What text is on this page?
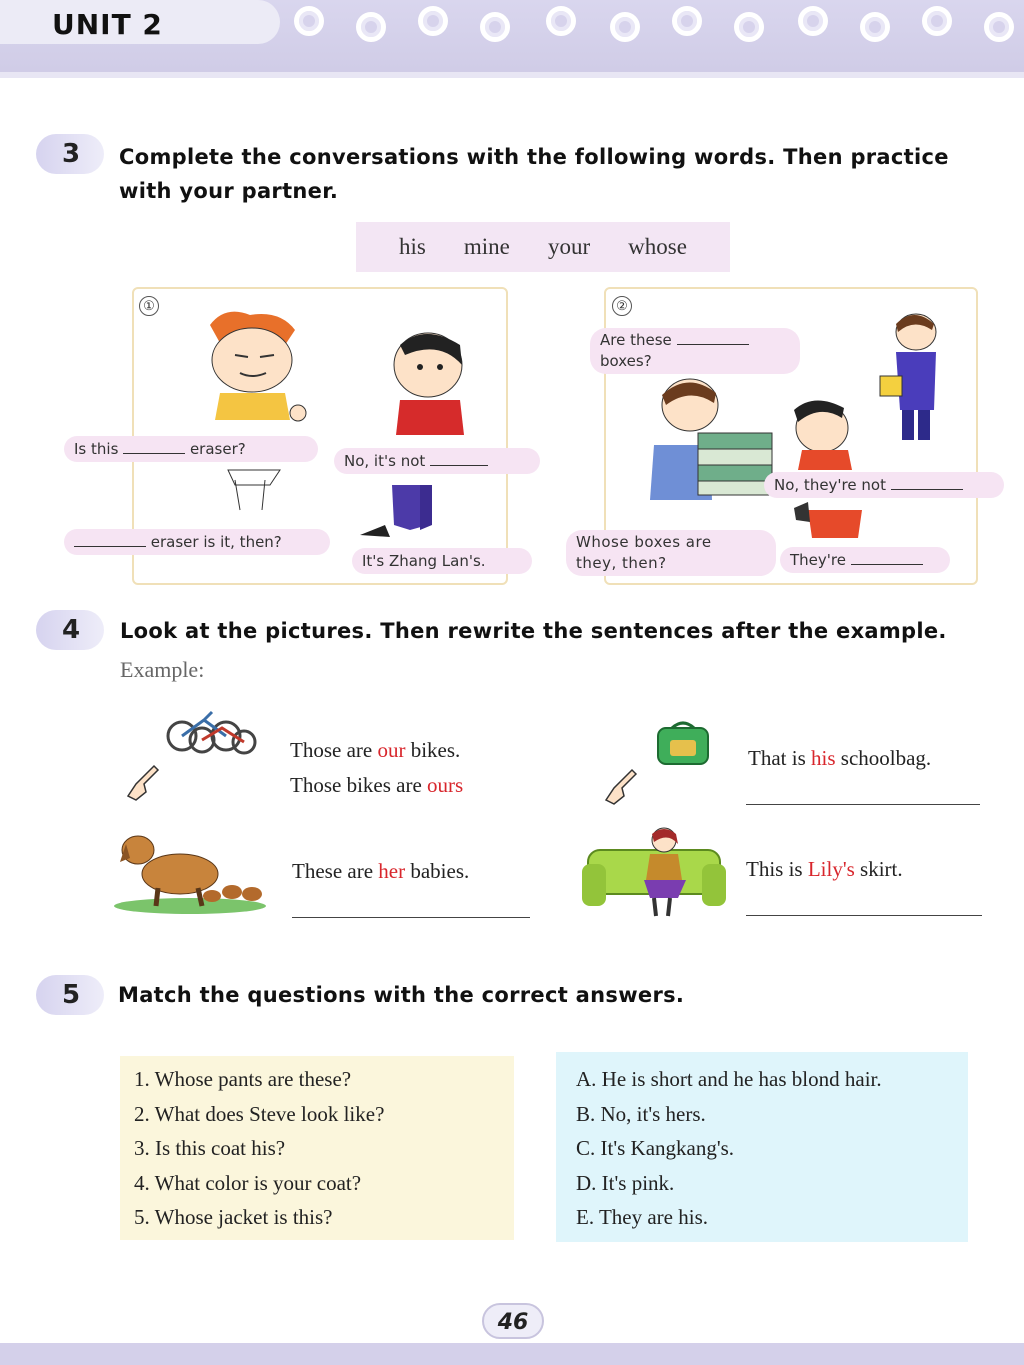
UNIT 2
3	Complete the conversations with the following words. Then practice
with your partner.
his mine your whose
①
Is this	eraser?
No, it's not
eraser is it, then?
It's Zhang Lan's.
②
Are these
boxes?
No, they're not
Whose boxes are
they, then?	They're
4	Look at the pictures. Then rewrite the sentences after the example.
Example:
Those are our bikes.
Those bikes are ours
That is his schoolbag.
These are her babies.	This is Lily's skirt.
5	Match the questions with the correct answers.
1. Whose pants are these?
2. What does Steve look like?
3. Is this coat his?
4. What color is your coat?
5. Whose jacket is this?
A. He is short and he has blond hair.
B. No, it's hers.
C. It's Kangkang's.
D. It's pink.
E. They are his.
46
